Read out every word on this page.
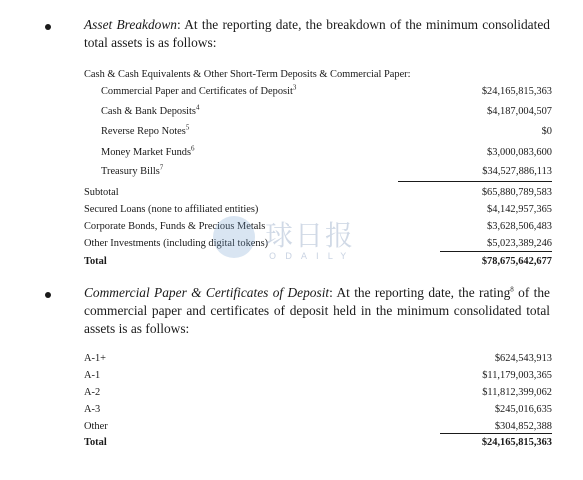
Asset Breakdown: At the reporting date, the breakdown of the minimum consolidated total assets is as follows:
Cash & Cash Equivalents & Other Short-Term Deposits & Commercial Paper:
Commercial Paper and Certificates of Deposit$^3$	$24,165,815,363
Cash & Bank Deposits$^4$	$4,187,004,507
Reverse Repo Notes$^5$	$0
Money Market Funds$^6$	$3,000,083,600
Treasury Bills$^7$	$34,527,886,113
Subtotal	$65,880,789,583
Secured Loans (none to affiliated entities)	$4,142,957,365
Corporate Bonds, Funds & Precious Metals	$3,628,506,483
Other Investments (including digital tokens)	$5,023,389,246
Total	$78,675,642,677
球日报
ODAILY
Commercial Paper & Certificates of Deposit: At the reporting date, the rating$^8$ of the commercial paper and certificates of deposit held in the minimum consolidated total assets is as follows:
A-1+	$624,543,913
A-1	$11,179,003,365
A-2	$11,812,399,062
A-3	$245,016,635
Other	$304,852,388
Total	$24,165,815,363
